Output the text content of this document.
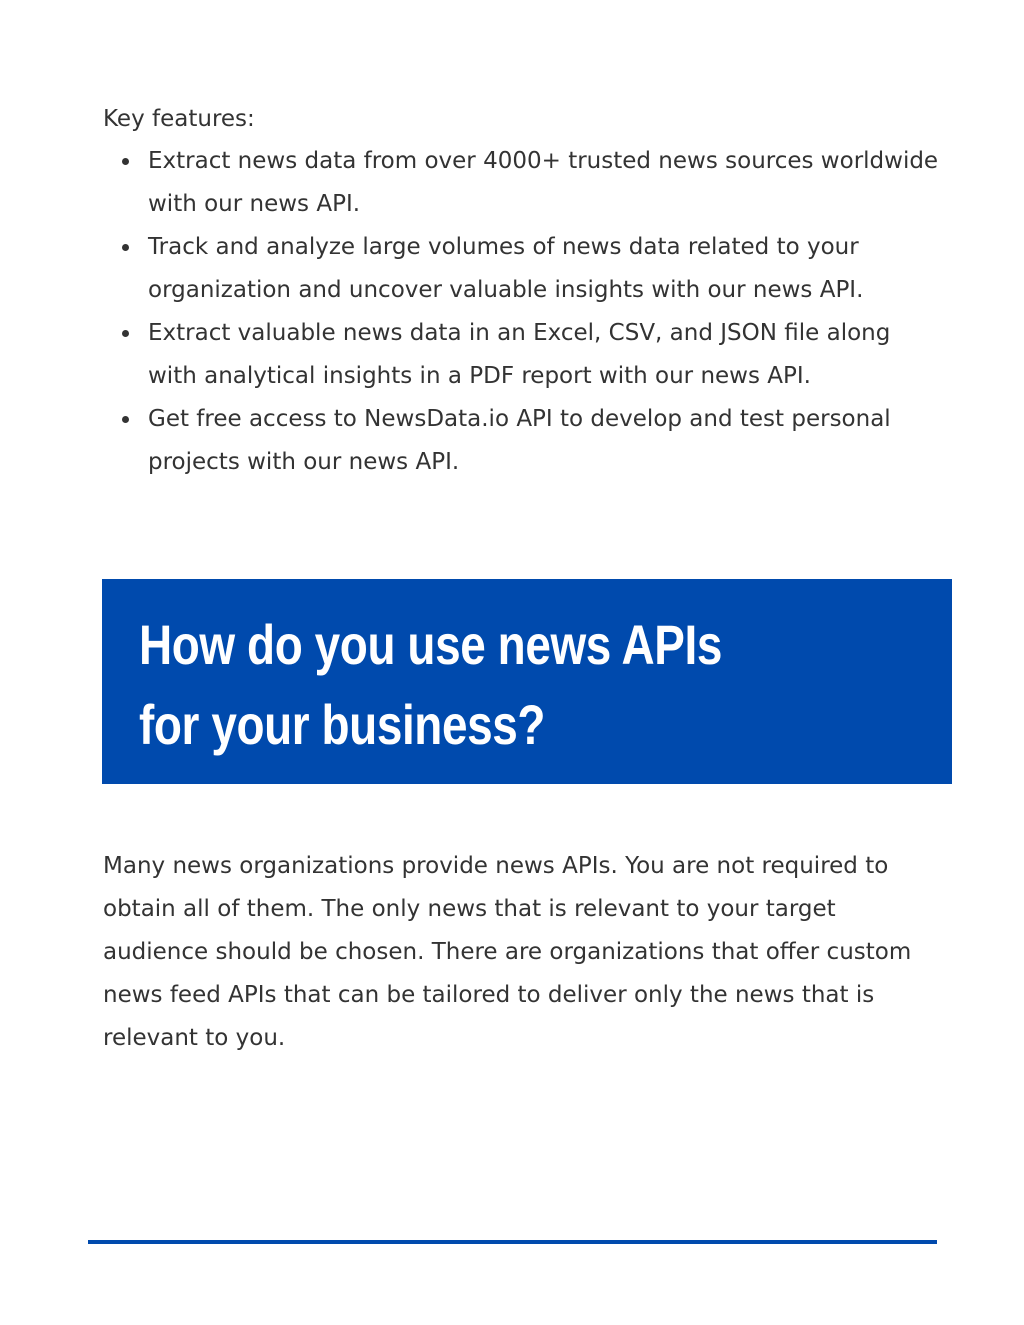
Key features:

Extract news data from over 4000+ trusted news sources worldwide with our news API.
Track and analyze large volumes of news data related to your organization and uncover valuable insights with our news API.
Extract valuable news data in an Excel, CSV, and JSON file along with analytical insights in a PDF report with our news API.
Get free access to NewsData.io API to develop and test personal projects with our news API.
How do you use news APIs for your business?

Many news organizations provide news APIs. You are not required to obtain all of them. The only news that is relevant to your target audience should be chosen. There are organizations that offer custom news feed APIs that can be tailored to deliver only the news that is relevant to you.
